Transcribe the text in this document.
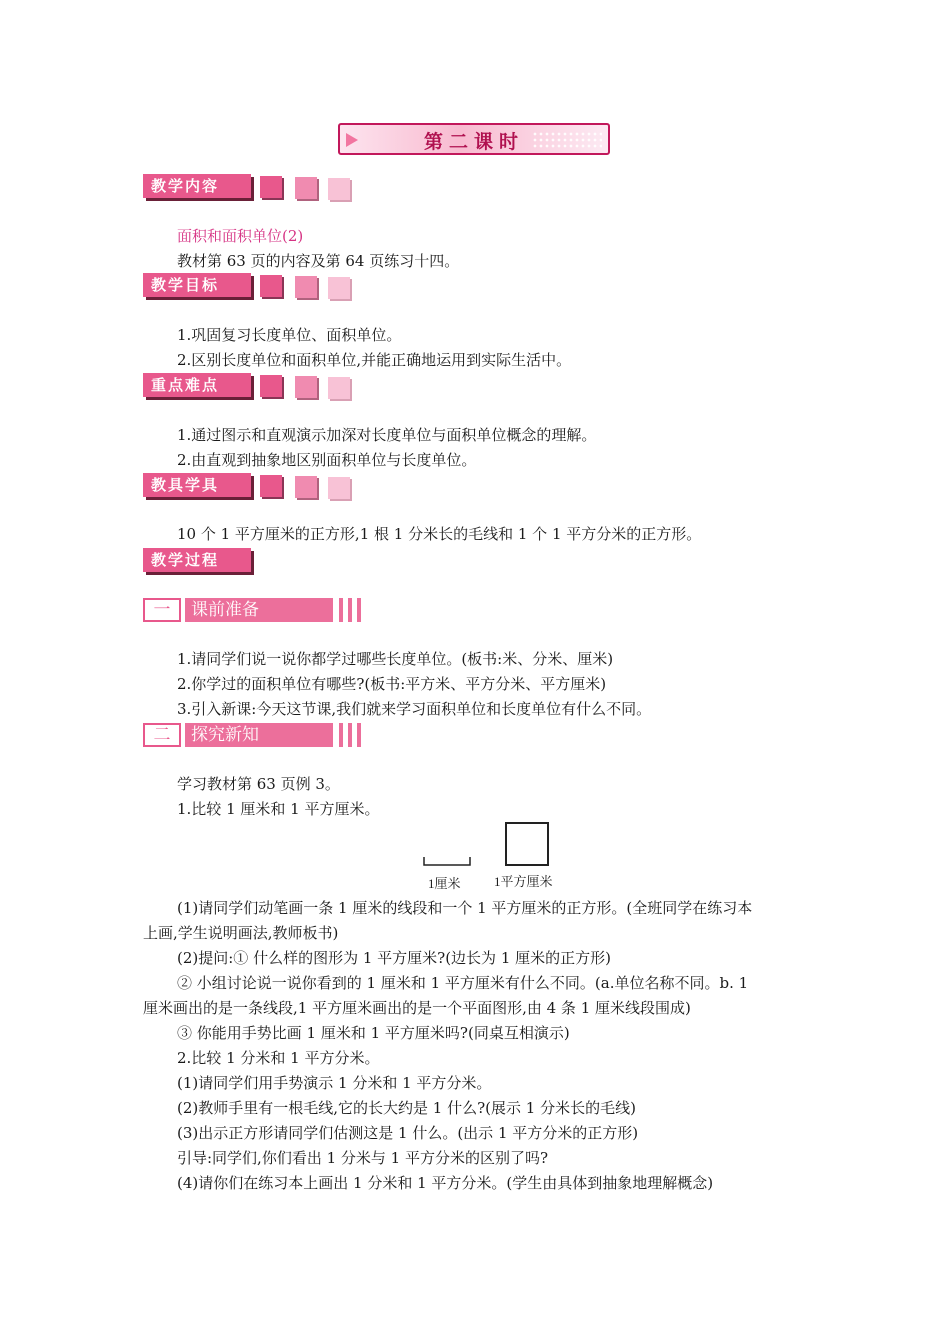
第二课时
教学内容
面积和面积单位(2)
教材第 63 页的内容及第 64 页练习十四。
教学目标
1.巩固复习长度单位、面积单位。
2.区别长度单位和面积单位,并能正确地运用到实际生活中。
重点难点
1.通过图示和直观演示加深对长度单位与面积单位概念的理解。
2.由直观到抽象地区别面积单位与长度单位。
教具学具
10 个 1 平方厘米的正方形,1 根 1 分米长的毛线和 1 个 1 平方分米的正方形。
教学过程
一	课前准备
1.请同学们说一说你都学过哪些长度单位。(板书:米、分米、厘米)
2.你学过的面积单位有哪些?(板书:平方米、平方分米、平方厘米)
3.引入新课:今天这节课,我们就来学习面积单位和长度单位有什么不同。
二	探究新知
学习教材第 63 页例 3。
1.比较 1 厘米和 1 平方厘米。
1厘米	1平方厘米
(1)请同学们动笔画一条 1 厘米的线段和一个 1 平方厘米的正方形。(全班同学在练习本
上画,学生说明画法,教师板书)
(2)提问:① 什么样的图形为 1 平方厘米?(边长为 1 厘米的正方形)
② 小组讨论说一说你看到的 1 厘米和 1 平方厘米有什么不同。(a.单位名称不同。b. 1
厘米画出的是一条线段,1 平方厘米画出的是一个平面图形,由 4 条 1 厘米线段围成)
③ 你能用手势比画 1 厘米和 1 平方厘米吗?(同桌互相演示)
2.比较 1 分米和 1 平方分米。
(1)请同学们用手势演示 1 分米和 1 平方分米。
(2)教师手里有一根毛线,它的长大约是 1 什么?(展示 1 分米长的毛线)
(3)出示正方形请同学们估测这是 1 什么。(出示 1 平方分米的正方形)
引导:同学们,你们看出 1 分米与 1 平方分米的区别了吗?
(4)请你们在练习本上画出 1 分米和 1 平方分米。(学生由具体到抽象地理解概念)
